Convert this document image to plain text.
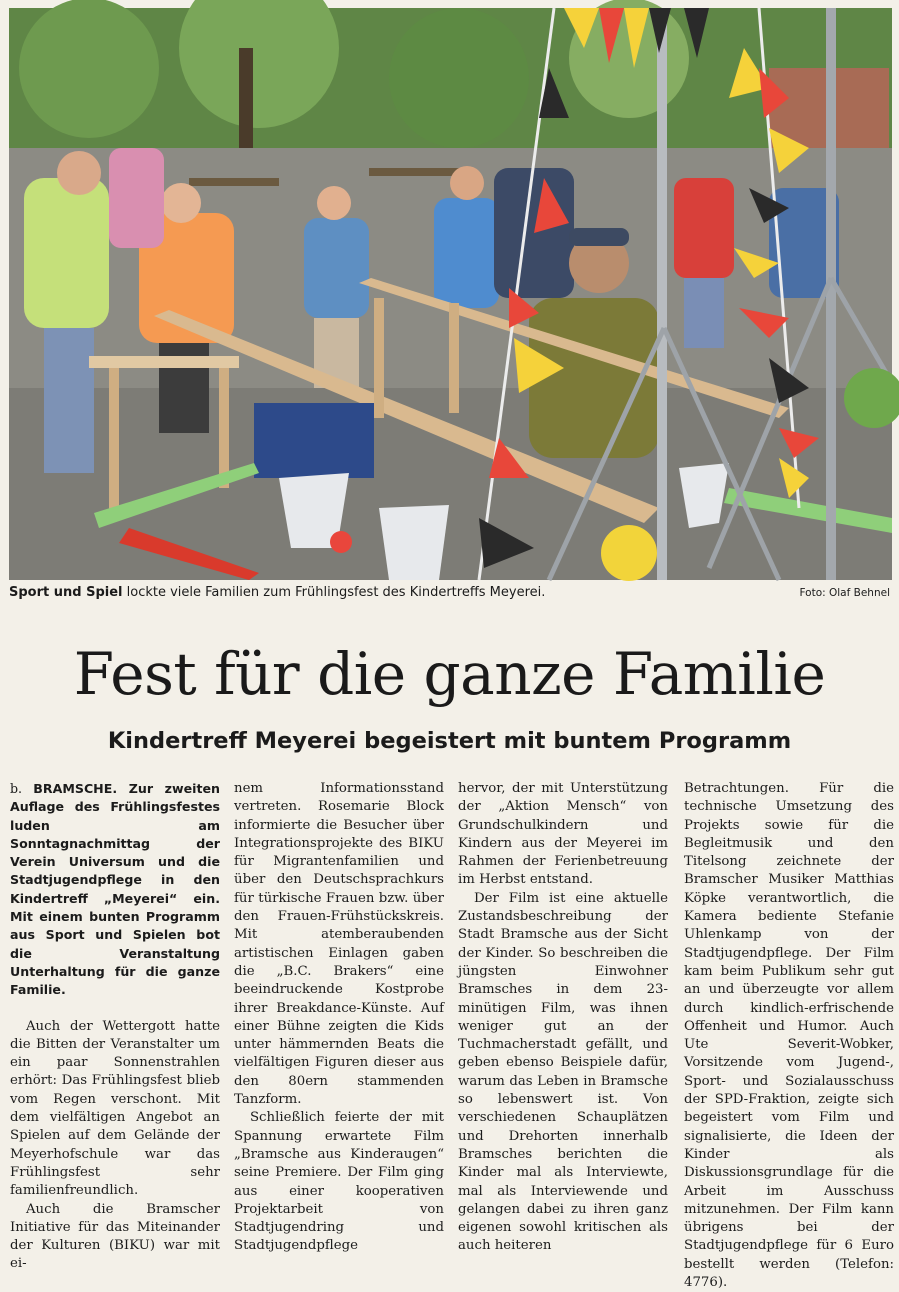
Sport und Spiel lockte viele Familien zum Frühlingsfest des Kindertreffs Meyerei.	Foto: Olaf Behnel
Fest für die ganze Familie
Kindertreff Meyerei begeistert mit buntem Programm

b. BRAMSCHE. Zur zweiten Auflage des Frühlingsfestes luden am Sonntagnachmittag der Verein Universum und die Stadtjugendpflege in den Kindertreff „Meyerei“ ein. Mit einem bunten Programm aus Sport und Spielen bot die Veranstaltung Unterhaltung für die ganze Familie.

Auch der Wettergott hatte die Bitten der Veranstalter um ein paar Sonnenstrahlen erhört: Das Frühlingsfest blieb vom Regen verschont. Mit dem vielfältigen Angebot an Spielen auf dem Gelände der Meyerhofschule war das Frühlingsfest sehr familienfreundlich.

Auch die Bramscher Initiative für das Miteinander der Kulturen (BIKU) war mit ei-

nem Informationsstand vertreten. Rosemarie Block informierte die Besucher über Integrationsprojekte des BIKU für Migrantenfamilien und über den Deutschsprachkurs für türkische Frauen bzw. über den Frauen-Frühstückskreis. Mit atemberaubenden artistischen Einlagen gaben die „B.C. Brakers“ eine beeindruckende Kostprobe ihrer Breakdance-Künste. Auf einer Bühne zeigten die Kids unter hämmernden Beats die vielfältigen Figuren dieser aus den 80ern stammenden Tanzform.

Schließlich feierte der mit Spannung erwartete Film „Bramsche aus Kinderaugen“ seine Premiere. Der Film ging aus einer kooperativen Projektarbeit von Stadtjugendring und Stadtjugendpflege

hervor, der mit Unterstützung der „Aktion Mensch“ von Grundschulkindern und Kindern aus der Meyerei im Rahmen der Ferienbetreuung im Herbst entstand.

Der Film ist eine aktuelle Zustandsbeschreibung der Stadt Bramsche aus der Sicht der Kinder. So beschreiben die jüngsten Einwohner Bramsches in dem 23-minütigen Film, was ihnen weniger gut an der Tuchmacherstadt gefällt, und geben ebenso Beispiele dafür, warum das Leben in Bramsche so lebenswert ist. Von verschiedenen Schauplätzen und Drehorten innerhalb Bramsches berichten die Kinder mal als Interviewte, mal als Interviewende und gelangen dabei zu ihren ganz eigenen sowohl kritischen als auch heiteren

Betrachtungen. Für die technische Umsetzung des Projekts sowie für die Begleitmusik und den Titelsong zeichnete der Bramscher Musiker Matthias Köpke verantwortlich, die Kamera bediente Stefanie Uhlenkamp von der Stadtjugendpflege. Der Film kam beim Publikum sehr gut an und überzeugte vor allem durch kindlich-erfrischende Offenheit und Humor. Auch Ute Severit-Wobker, Vorsitzende vom Jugend-, Sport- und Sozialausschuss der SPD-Fraktion, zeigte sich begeistert vom Film und signalisierte, die Ideen der Kinder als Diskussionsgrundlage für die Arbeit im Ausschuss mitzunehmen. Der Film kann übrigens bei der Stadtjugendpflege für 6 Euro bestellt werden (Telefon: 4776).
